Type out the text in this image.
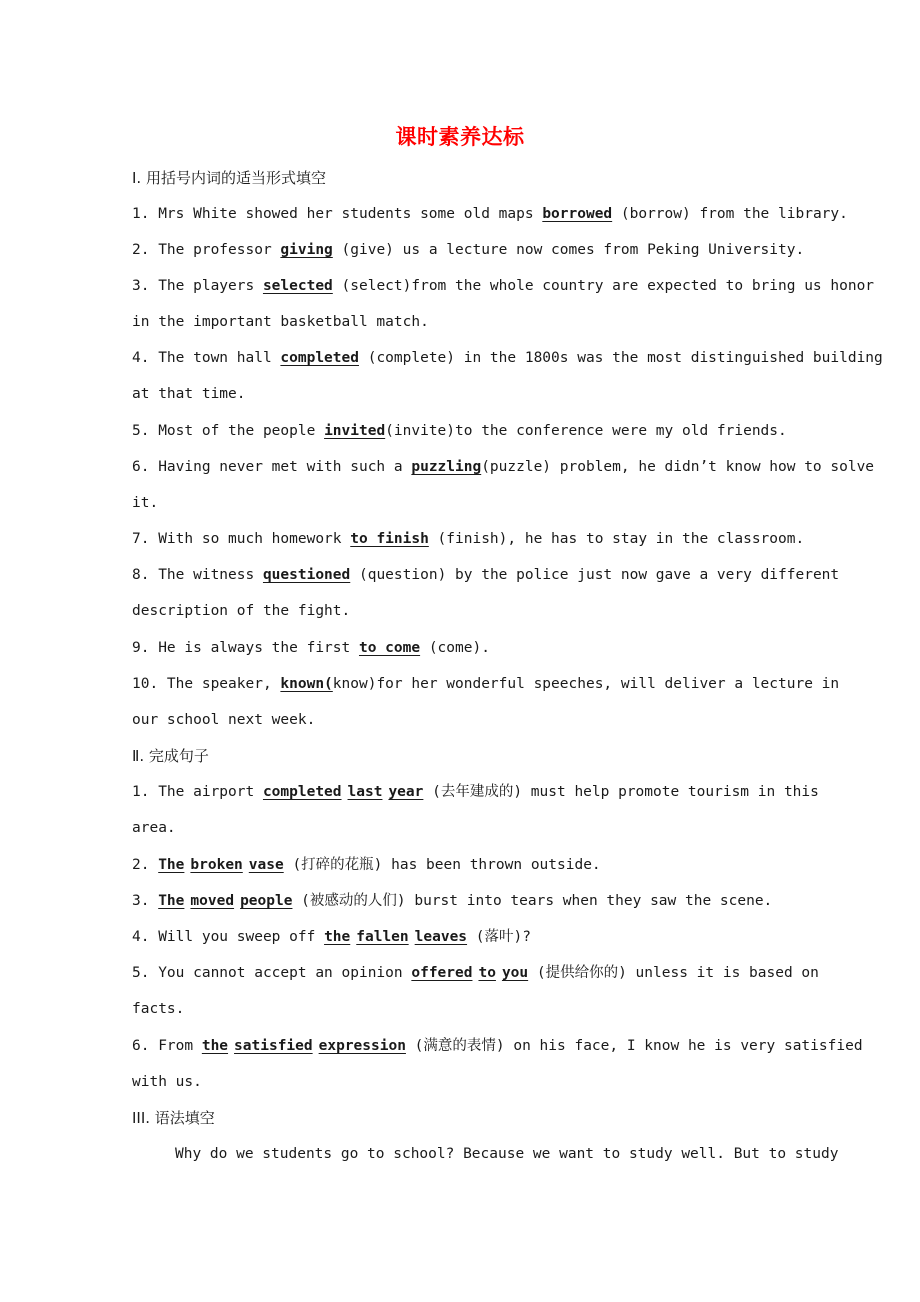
课时素养达标
Ⅰ. 用括号内词的适当形式填空
1. Mrs White showed her students some old maps borrowed (borrow) from the library.
2. The professor giving (give) us a lecture now comes from Peking University.
3. The players selected (select)from the whole country are expected to bring us honor
in the important basketball match.
4. The town hall completed (complete) in the 1800s was the most distinguished building
at that time.
5. Most of the people invited(invite)to the conference were my old friends.
6. Having never met with such a puzzling(puzzle) problem, he didn’t know how to solve
it.
7. With so much homework to finish (finish), he has to stay in the classroom.
8. The witness questioned (question) by the police just now gave a very different
description of the fight.
9. He is always the first to come (come).
10. The speaker, known(know)for her wonderful speeches, will deliver a lecture in
our school next week.
Ⅱ. 完成句子
1. The airport completed last year (去年建成的) must help promote tourism in this
area.
2. The broken vase (打碎的花瓶) has been thrown outside.
3. The moved people (被感动的人们) burst into tears when they saw the scene.
4. Will you sweep off the fallen leaves (落叶)?
5. You cannot accept an opinion offered to you (提供给你的) unless it is based on
facts.
6. From the satisfied expression (满意的表情) on his face, I know he is very satisfied
with us.
III. 语法填空
Why do we students go to school? Because we want to study well. But to study
